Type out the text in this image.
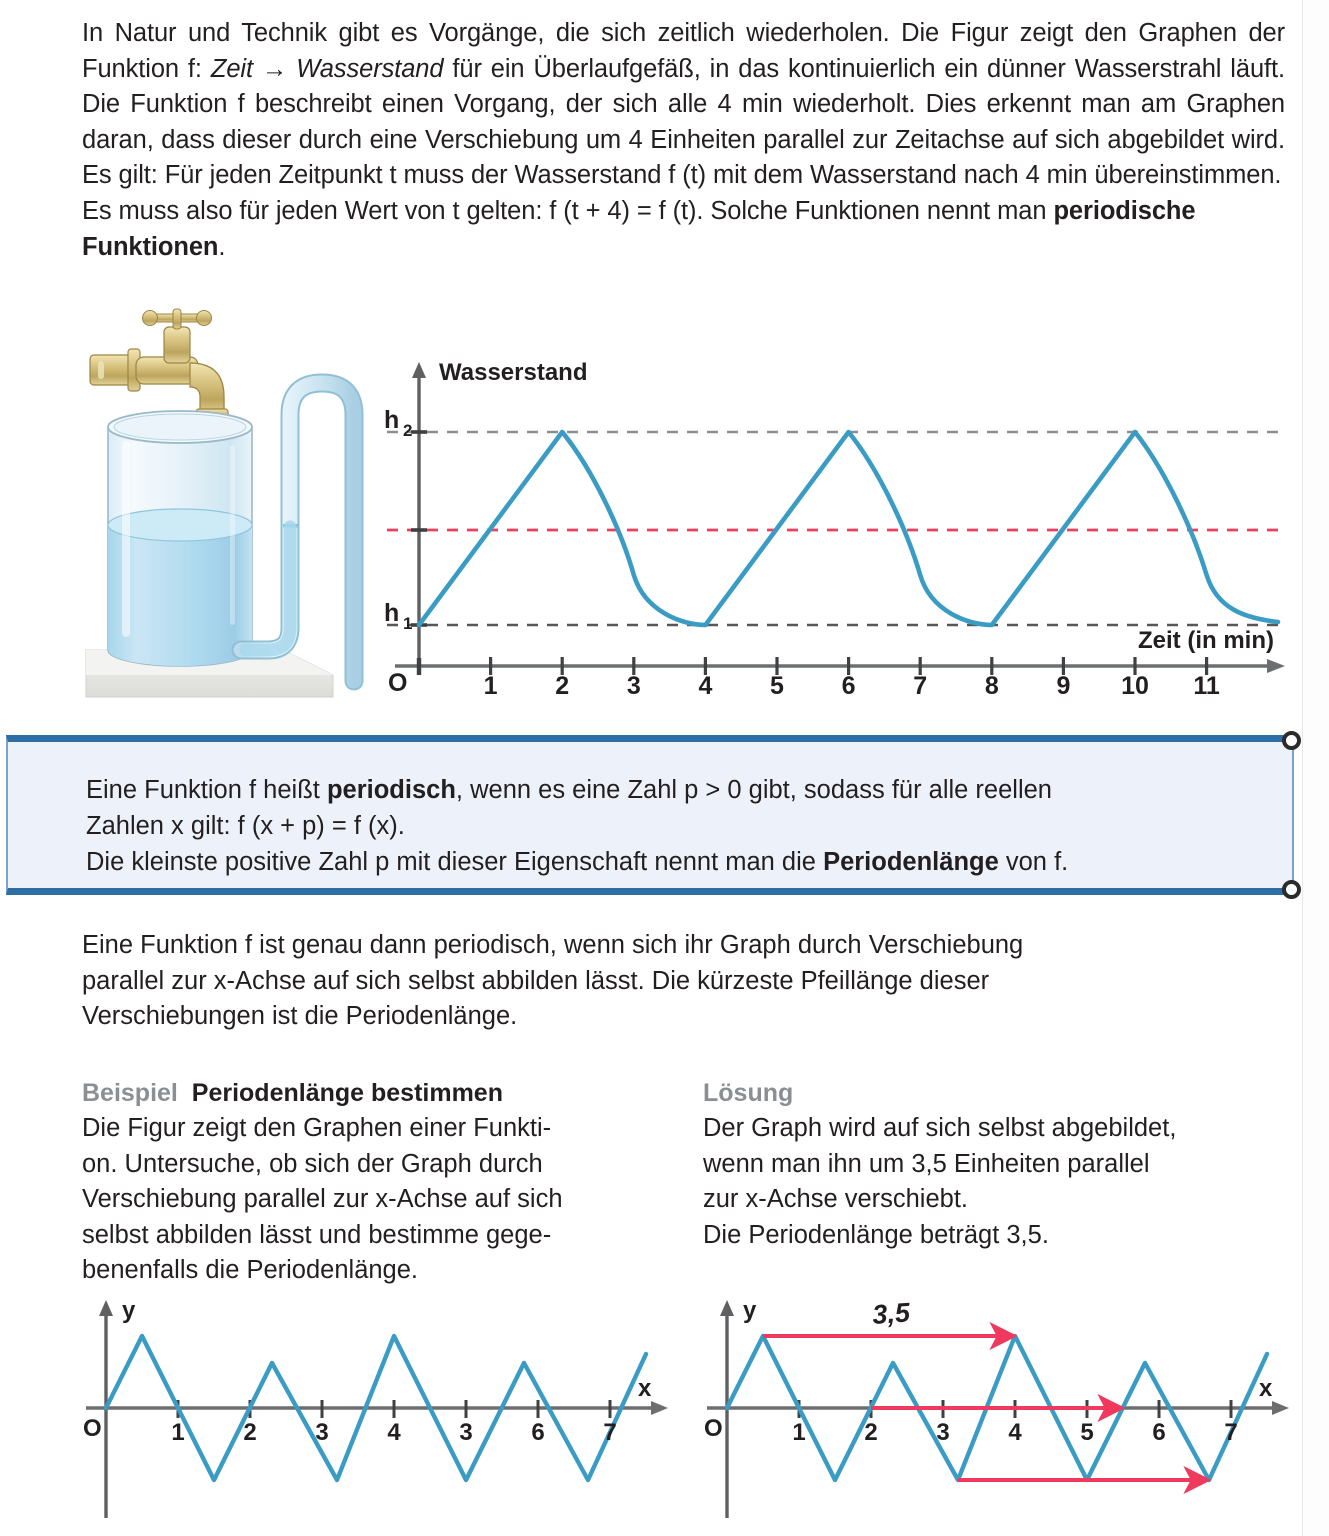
In Natur und Technik gibt es Vorgänge, die sich zeitlich wiederholen. Die Figur zeigt den Graphen der Funktion f: Zeit → Wasserstand für ein Überlaufgefäß, in das kontinuierlich ein dünner Wasserstrahl läuft. Die Funktion f beschreibt einen Vorgang, der sich alle 4 min wiederholt. Dies erkennt man am Graphen daran, dass dieser durch eine Verschiebung um 4 Einheiten parallel zur Zeitachse auf sich abgebildet wird. Es gilt: Für jeden Zeitpunkt t muss der Wasserstand f (t) mit dem Wasserstand nach 4 min übereinstimmen.

Es muss also für jeden Wert von t gelten: f (t + 4) = f (t). Solche Funktionen nennt man periodische Funktionen.

Wasserstand
h 2
h 1
O
Zeit (in min)
1 2 3 4 5 6 7 8 9 10 11
Eine Funktion f heißt periodisch, wenn es eine Zahl p > 0 gibt, sodass für alle reellen
Zahlen x gilt: f (x + p) = f (x).
Die kleinste positive Zahl p mit dieser Eigenschaft nennt man die Periodenlänge von f.

Eine Funktion f ist genau dann periodisch, wenn sich ihr Graph durch Verschiebung

parallel zur x-Achse auf sich selbst abbilden lässt. Die kürzeste Pfeillänge dieser

Verschiebungen ist die Periodenlänge.

Beispiel Periodenlänge bestimmen

Die Figur zeigt den Graphen einer Funkti-

on. Untersuche, ob sich der Graph durch

Verschiebung parallel zur x-Achse auf sich

selbst abbilden lässt und bestimme gege-

benenfalls die Periodenlänge.

Lösung

Der Graph wird auf sich selbst abgebildet,

wenn man ihn um 3,5 Einheiten parallel

zur x-Achse verschiebt.

Die Periodenlänge beträgt 3,5.

y
x
O	1 2 3 4 3 6 7
3,5
y
x
O	1 2 3 4 5 6 7
